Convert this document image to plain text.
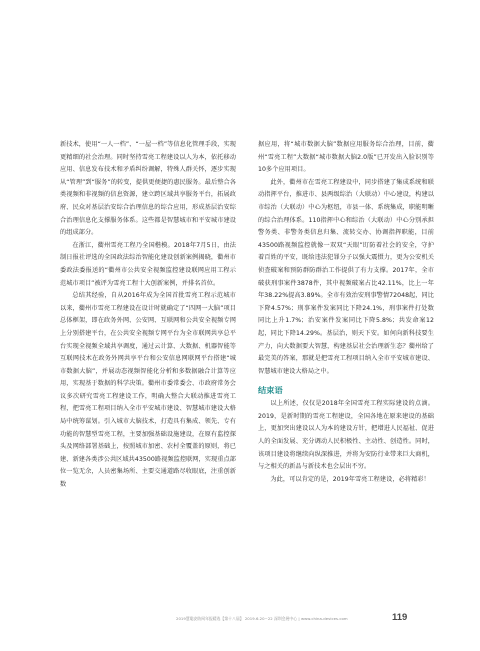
新技术，使用“一人一档”、“一屋一档”等信息化管理手段，实现更精细的社会治理。同时坚持雪亮工程建设以人为本，依托移动应用、信息发布技术和矛盾纠纷调解，特殊人群关怀，逐步实现从“管理”到“服务”的转变，提供更便捷的惠民服务。最后整合各类视频和非视频的信息资源，建立跨区域共享服务平台，拓展政府、民众对基层治安综合治理信息的综合应用，形成基层治安综合治理信息化支撑服务体系。这些都是智慧城市和平安城市建设的组成部分。

在浙江，衢州雪亮工程乃全国楷模。2018年7月5日，由法制日报社评选的全国政法综治智能化建设创新案例揭晓，衢州市委政法委报送的“衢州市公共安全视频监控建设联网应用工程示范城市项目”被评为雪亮工程十大创新案例，并排名首位。

总结其经验，自从2016年成为全国首批雪亮工程示范城市以来，衢州市雪亮工程建设在设计时就确定了“四网一大脑”项目总体框架，即在政务外网、公安网、互联网和公共安全视频专网上分别搭建平台，在公共安全视频专网平台为全市联网共享总平台实现全视频全域共享调度，通过云计算、大数据、机器智能等互联网技术在政务外网共享平台和公安信息网联网平台搭建“城市数据大脑”，并展动态视频智能化分析和多数据融合计算等应用，实现基于数据的科学决策。衢州市委常委会、市政府常务会议多次研究雪亮工程建设工作，明确大整合大联动推进雪亮工程，把雪亮工程项目纳入全市平安城市建设、智慧城市建设大格局中统筹谋划。引入城市大脑技术，打造具有集成、领先、专有功能的智慧型雪亮工程，主要加强基础设施建设，在原有监控探头及网络部署基础上，按照城市加密、农村全覆盖的原则，将已建、新建各类涉公共区域共43500路视频监控联网，实现重点部位一览无余，人员密集场所、主要交通道路尽收眼底，注重创新数

据应用，将“城市数据大脑”数据应用服务综合治理，目前，衢州“雪亮工程”大数据“城市数据大脑2.0版”已开发出入脸识别等10多个应用项目。

此外，衢州市在雪亮工程建设中，同步搭建了集成系统和联动指挥平台，推进市、县两级综治（大联动）中心建设，构建以市综治（大联动）中心为枢纽，市县一体、系统集成，职能明晰的综合治理体系。110指挥中心和综治（大联动）中心分别承担警务类、非警务类信息归集、流转交办、协调指挥职能，目前43500路视频监控就像一双双“天眼”盯防着社会的安全，守护着百姓的平安，既给违法犯罪分子以强大震慑力，更为公安机关侦查破案和预防群防群治工作提供了有力支撑。2017年，全市破获刑事案件3878件，其中视频破案占比42.11%，比上一年年38.22%提高3.89%。全市有效治安刑事警情72048起，同比下降4.57%；刑事案件发案同比下降24.1%，刑事案件打处数同比上升1.7%；治安案件发案同比下降5.8%；共发命案12起，同比下降14.29%。基层治，则天下安。如何向新科技要生产力，向大数据要大智慧，构建基层社会治理新生态？衢州给了最完美的答案，那就是把雪亮工程项目纳入全市平安城市建设、智慧城市建设大格局之中。

结束语

以上所述，仅仅是2018年全国雪亮工程实际建设的点滴。2019，是新时期的雪亮工程建设，全国各地在原来建设的基础上，更加突出建设以人为本的建设方针，把增进人民福祉、促进人的全面发展、充分调动人民积极性、主动性、创造性。同时，该项目建设将继续向纵深推进，并将为安防行业带来巨大商机，与之相关的新品与新技术也会层出不穷。

为此，可以肯定的是，2019年雪亮工程建设，必将精彩！

2019慧聪安防网年报精选【第十八届】 2019.6.20~22 深圳会展中心 | www.china-devices.com	119
